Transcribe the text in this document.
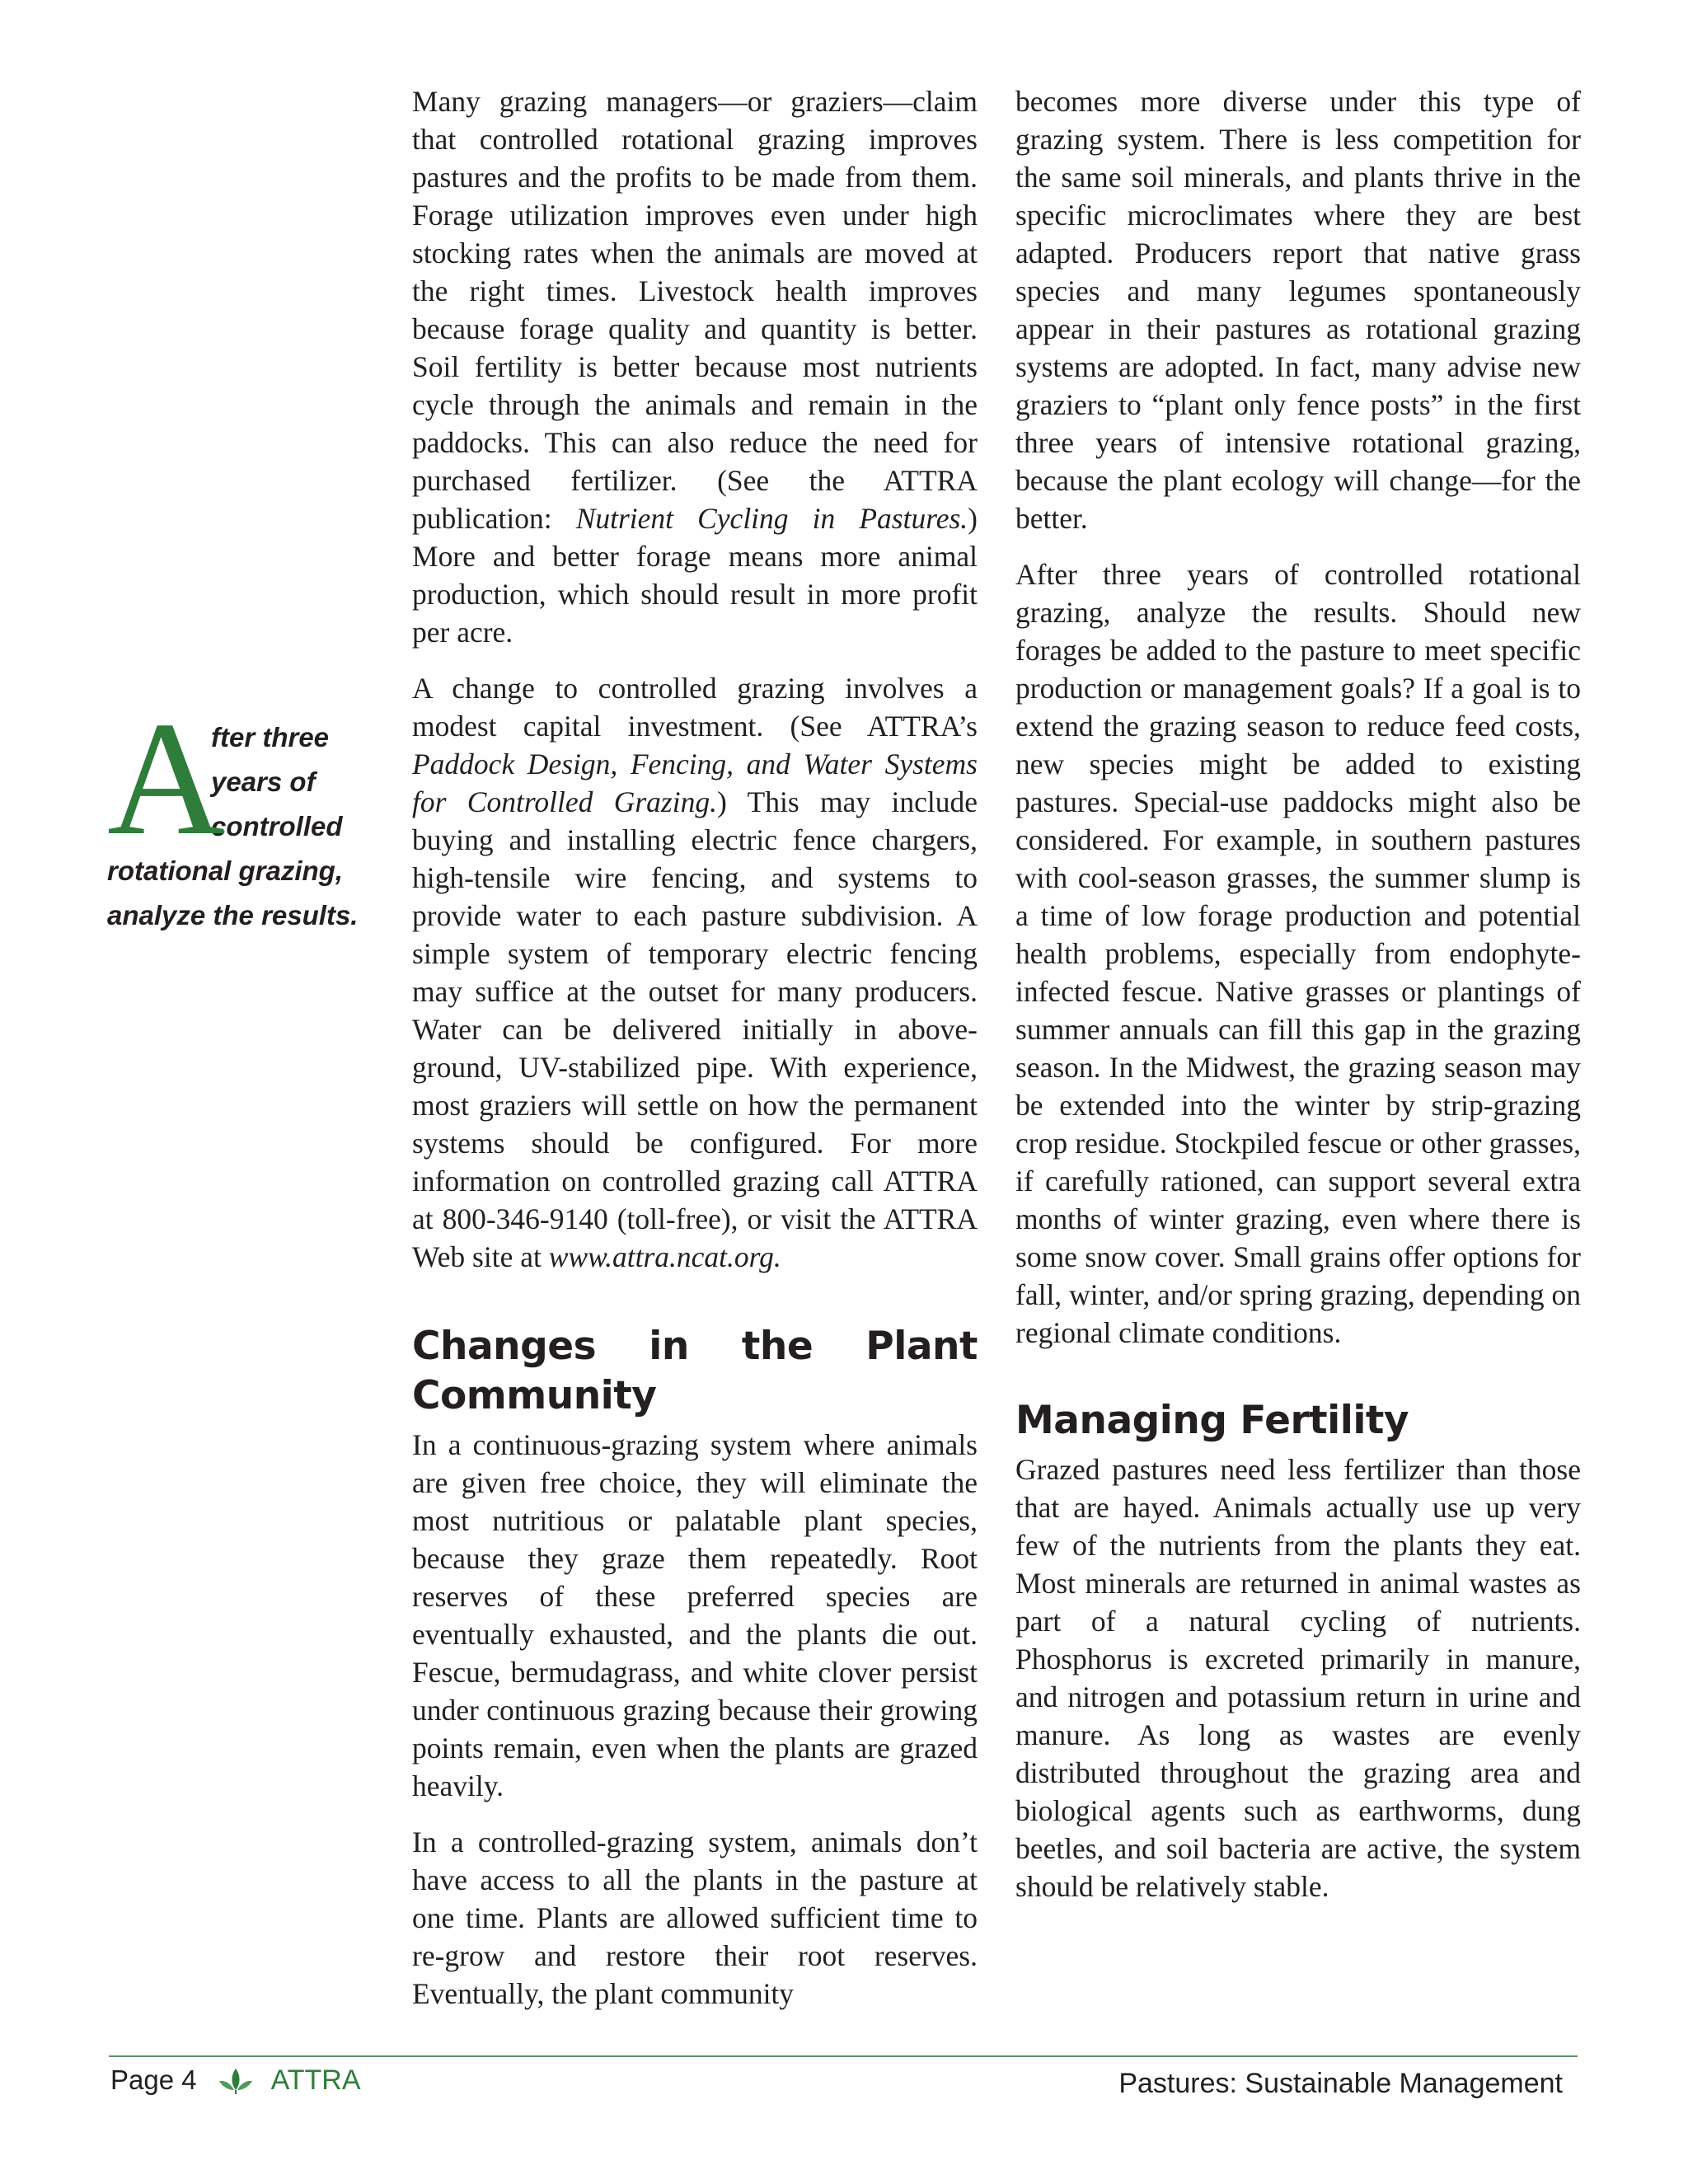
A
fter three
years of
controlled
rotational grazing,
analyze the results.

Many grazing managers—or graziers—claim that controlled rotational grazing improves pastures and the profits to be made from them. Forage utilization improves even under high stocking rates when the animals are moved at the right times. Livestock health improves because forage quality and quantity is better. Soil fertility is better because most nutrients cycle through the animals and remain in the paddocks. This can also reduce the need for purchased fertilizer. (See the ATTRA publication: Nutrient Cycling in Pastures.) More and better forage means more animal production, which should result in more profit per acre.

A change to controlled grazing involves a modest capital investment. (See ATTRA’s Paddock Design, Fencing, and Water Systems for Controlled Grazing.) This may include buying and installing electric fence chargers, high-tensile wire fencing, and systems to provide water to each pasture subdivision. A simple system of temporary electric fencing may suffice at the outset for many producers. Water can be delivered initially in above-ground, UV-stabilized pipe. With experience, most graziers will settle on how the permanent systems should be configured. For more information on controlled grazing call ATTRA at 800-346-9140 (toll-free), or visit the ATTRA Web site at www.attra.ncat.org.

Changes in the Plant Community

In a continuous-grazing system where animals are given free choice, they will eliminate the most nutritious or palatable plant species, because they graze them repeatedly. Root reserves of these preferred species are eventually exhausted, and the plants die out. Fescue, bermudagrass, and white clover persist under continuous grazing because their growing points remain, even when the plants are grazed heavily.

In a controlled-grazing system, animals don’t have access to all the plants in the pasture at one time. Plants are allowed sufficient time to re-grow and restore their root reserves. Eventually, the plant community

becomes more diverse under this type of grazing system. There is less competition for the same soil minerals, and plants thrive in the specific microclimates where they are best adapted. Producers report that native grass species and many legumes spontaneously appear in their pastures as rotational grazing systems are adopted. In fact, many advise new graziers to “plant only fence posts” in the first three years of intensive rotational grazing, because the plant ecology will change—for the better.

After three years of controlled rotational grazing, analyze the results. Should new forages be added to the pasture to meet specific production or management goals? If a goal is to extend the grazing season to reduce feed costs, new species might be added to existing pastures. Special-use paddocks might also be considered. For example, in southern pastures with cool-season grasses, the summer slump is a time of low forage production and potential health problems, especially from endophyte-infected fescue. Native grasses or plantings of summer annuals can fill this gap in the grazing season. In the Midwest, the grazing season may be extended into the winter by strip-grazing crop residue. Stockpiled fescue or other grasses, if carefully rationed, can support several extra months of winter grazing, even where there is some snow cover. Small grains offer options for fall, winter, and/or spring grazing, depending on regional climate conditions.

Managing Fertility

Grazed pastures need less fertilizer than those that are hayed. Animals actually use up very few of the nutrients from the plants they eat. Most minerals are returned in animal wastes as part of a natural cycling of nutrients. Phosphorus is excreted primarily in manure, and nitrogen and potassium return in urine and manure. As long as wastes are evenly distributed throughout the grazing area and biological agents such as earthworms, dung beetles, and soil bacteria are active, the system should be relatively stable.

Page 4	ATTRA	Pastures: Sustainable Management
